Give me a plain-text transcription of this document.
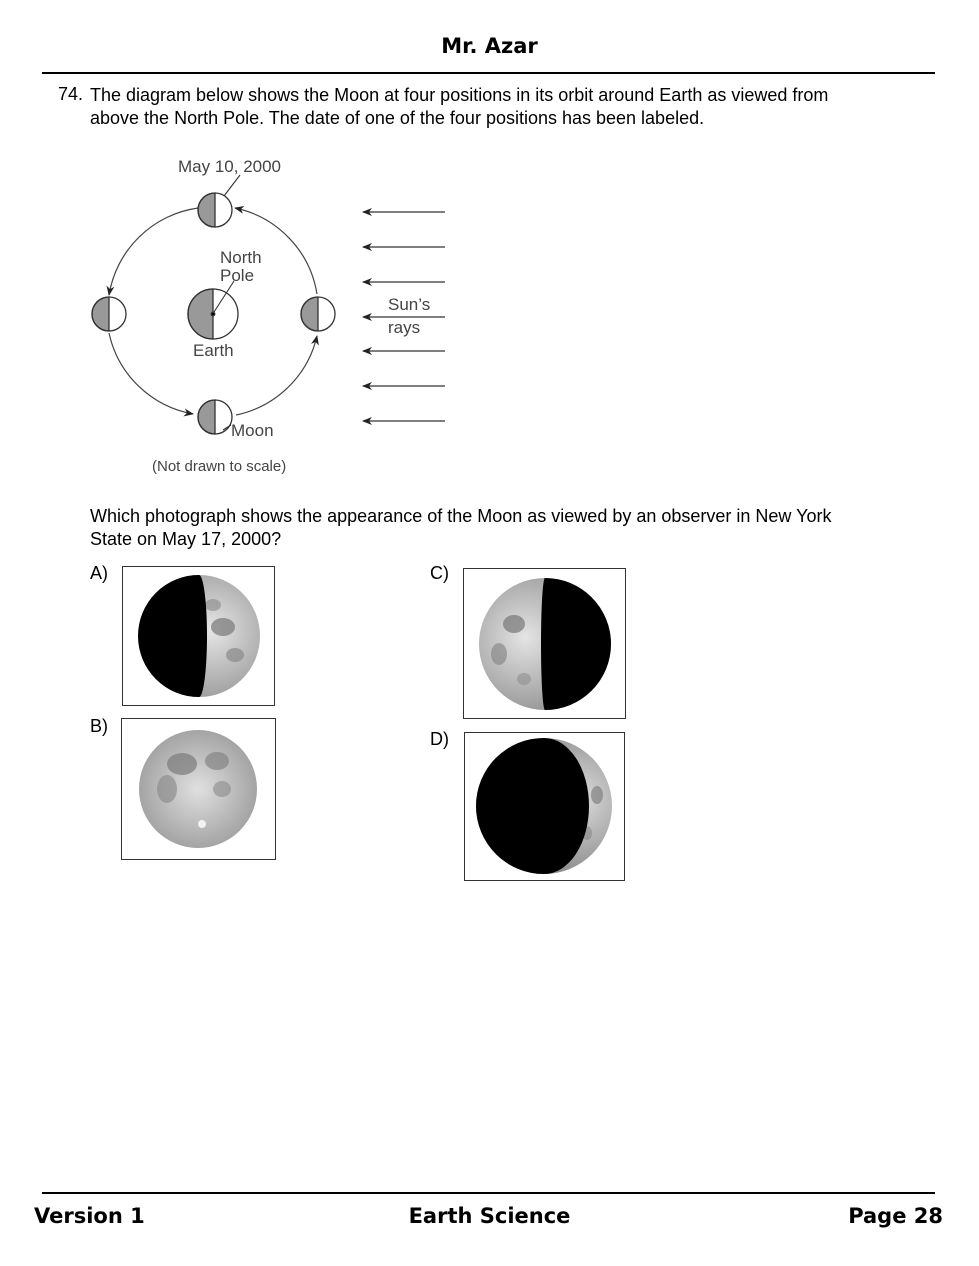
Mr. Azar
74. The diagram below shows the Moon at four positions in its orbit around Earth as viewed from above the North Pole. The date of one of the four positions has been labeled.
May 10, 2000
North
Pole
Earth
Moon
Sun’s
rays
(Not drawn to scale)
Which photograph shows the appearance of the Moon as viewed by an observer in New York State on May 17, 2000?
A)
B)
C)
D)
Version 1	Earth Science	Page 28
